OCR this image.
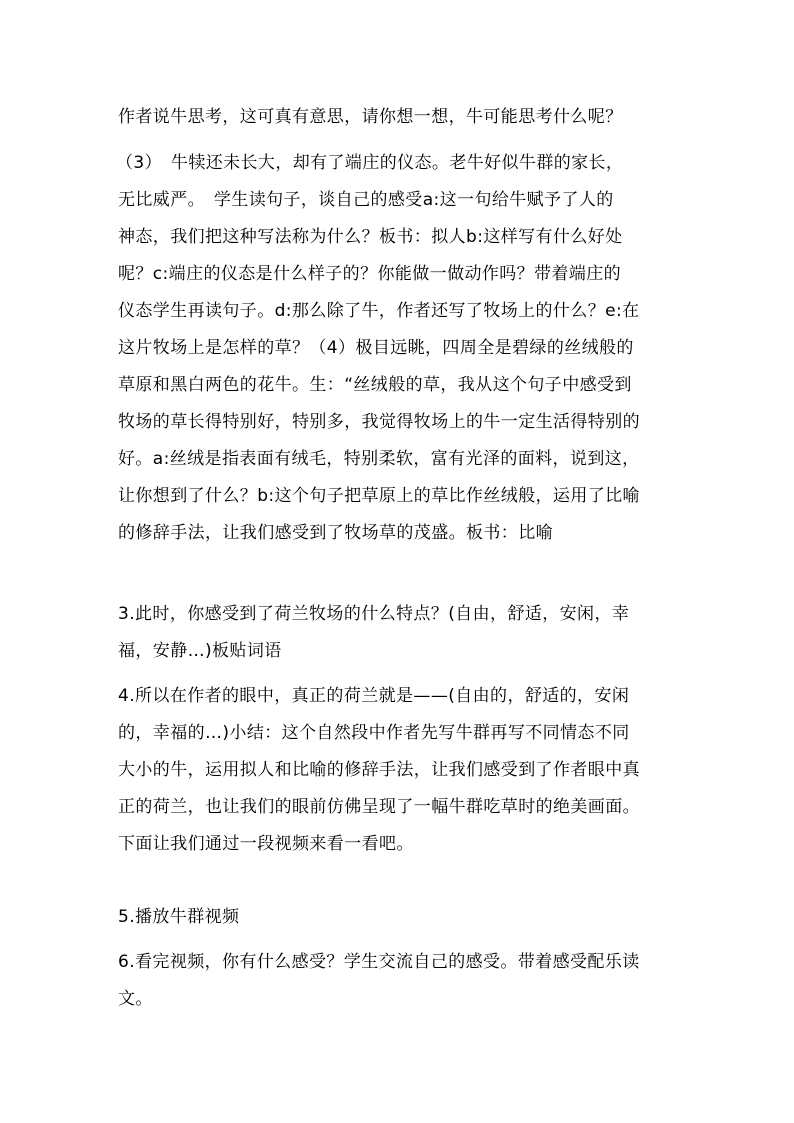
作者说牛思考，这可真有意思，请你想一想，牛可能思考什么呢？
（3）　牛犊还未长大，却有了端庄的仪态。老牛好似牛群的家长，
无比威严。　学生读句子，谈自己的感受a:这一句给牛赋予了人的
神态，我们把这种写法称为什么？板书：拟人b:这样写有什么好处
呢？c:端庄的仪态是什么样子的？你能做一做动作吗？带着端庄的
仪态学生再读句子。d:那么除了牛，作者还写了牧场上的什么？e:在
这片牧场上是怎样的草？（4）极目远眺，四周全是碧绿的丝绒般的
草原和黑白两色的花牛。生：“丝绒般的草，我从这个句子中感受到
牧场的草长得特别好，特别多，我觉得牧场上的牛一定生活得特别的
好。a:丝绒是指表面有绒毛，特别柔软，富有光泽的面料，说到这，
让你想到了什么？b:这个句子把草原上的草比作丝绒般，运用了比喻
的修辞手法，让我们感受到了牧场草的茂盛。板书：比喻
3.此时，你感受到了荷兰牧场的什么特点？(自由，舒适，安闲，幸
福，安静…)板贴词语
4.所以在作者的眼中，真正的荷兰就是——(自由的，舒适的，安闲
的，幸福的…)小结：这个自然段中作者先写牛群再写不同情态不同
大小的牛，运用拟人和比喻的修辞手法，让我们感受到了作者眼中真
正的荷兰，也让我们的眼前仿佛呈现了一幅牛群吃草时的绝美画面。
下面让我们通过一段视频来看一看吧。
5.播放牛群视频
6.看完视频，你有什么感受？学生交流自己的感受。带着感受配乐读
文。
